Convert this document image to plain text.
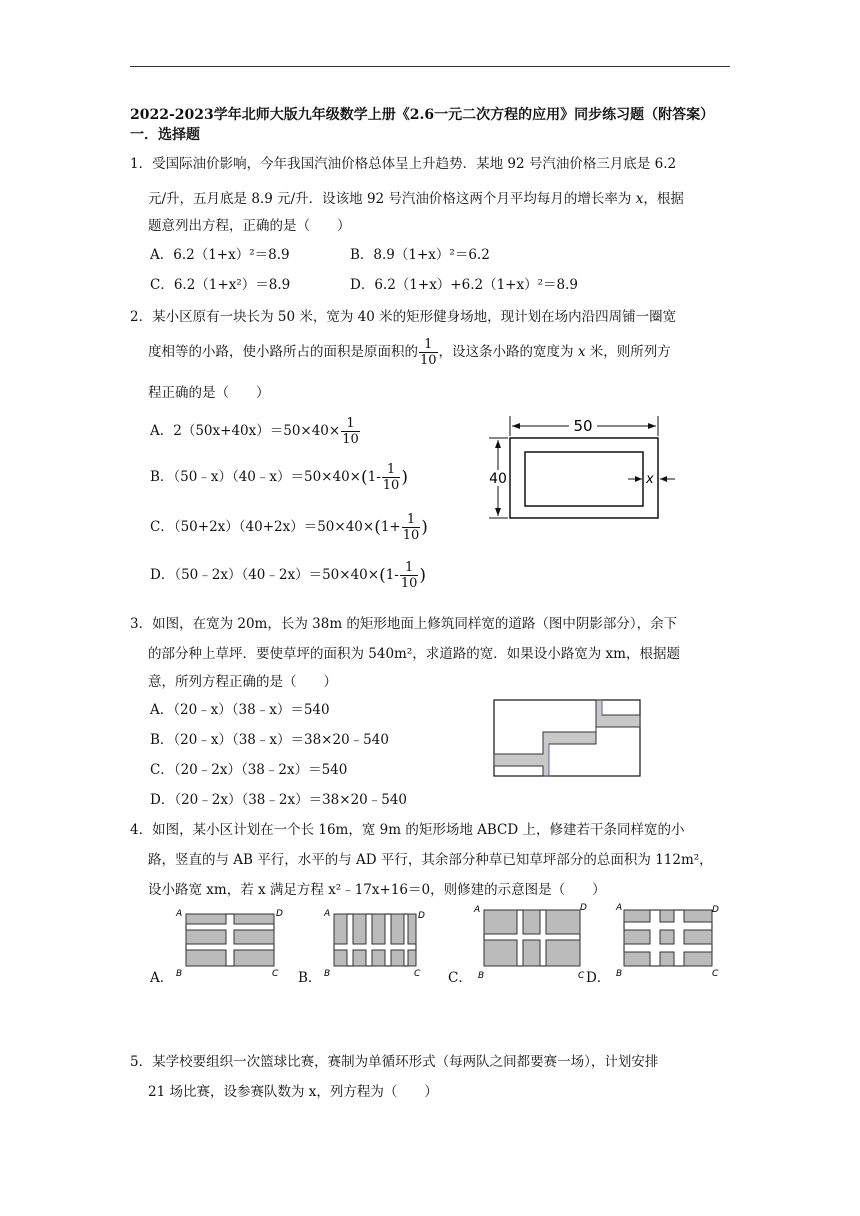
2022-2023学年北师大版九年级数学上册《2.6一元二次方程的应用》同步练习题（附答案）
一．选择题
1．受国际油价影响，今年我国汽油价格总体呈上升趋势．某地 92 号汽油价格三月底是 6.2
元/升，五月底是 8.9 元/升．设该地 92 号汽油价格这两个月平均每月的增长率为 x，根据
题意列出方程，正确的是（　　）
A．6.2（1+x）²＝8.9	B．8.9（1+x）²＝6.2
C．6.2（1+x²）＝8.9	D．6.2（1+x）+6.2（1+x）²＝8.9
2．某小区原有一块长为 50 米，宽为 40 米的矩形健身场地，现计划在场内沿四周铺一圈宽
度相等的小路，使小路所占的面积是原面积的 $\frac{1}{10}$ ，设这条小路的宽度为 x 米，则所列方
程正确的是（　　）
A．$2(50x+40x)=50\times 40\times \frac{1}{10}$
B．（50﹣x）（40﹣x）＝50×40×(1- $\frac{1}{10}$ )
C．$(50+2x)(40+2x)=50\times 40\times(1+ \frac{1}{10}$ )
D．（50﹣2x）（40﹣2x）＝50×40×(1- $\frac{1}{10}$ )
50
40	x
3．如图，在宽为 20m，长为 38m 的矩形地面上修筑同样宽的道路（图中阴影部分），余下
的部分种上草坪．要使草坪的面积为 540m²，求道路的宽．如果设小路宽为 xm，根据题
意，所列方程正确的是（　　）
A．（20﹣x）（38﹣x）＝540
B．（20﹣x）（38﹣x）＝38×20﹣540
C．（20﹣2x）（38﹣2x）＝540
D．（20﹣2x）（38﹣2x）＝38×20﹣540
4．如图，某小区计划在一个长 16m，宽 9m 的矩形场地 ABCD 上，修建若干条同样宽的小
路，竖直的与 AB 平行，水平的与 AD 平行，其余部分种草已知草坪部分的总面积为 112m²，
设小路宽 xm，若 x 满足方程 x²﹣17x+16＝0，则修建的示意图是（　　）
A．
A	D
B	C B．
A	D
B	C C．
A	D
B	C D．
A	D
B	C
5．某学校要组织一次篮球比赛，赛制为单循环形式（每两队之间都要赛一场），计划安排
21 场比赛，设参赛队数为 x，列方程为（　　）
